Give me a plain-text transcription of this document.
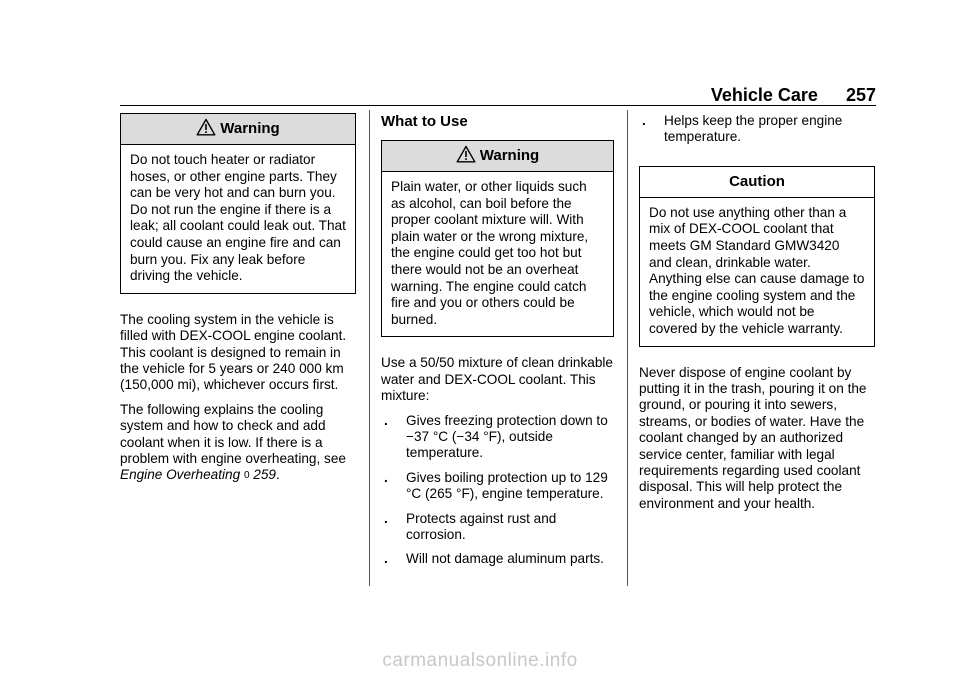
Vehicle Care 257
Warning
Do not touch heater or radiator hoses, or other engine parts. They can be very hot and can burn you. Do not run the engine if there is a leak; all coolant could leak out. That could cause an engine fire and can burn you. Fix any leak before driving the vehicle.

The cooling system in the vehicle is filled with DEX-COOL engine coolant. This coolant is designed to remain in the vehicle for 5 years or 240 000 km (150,000 mi), whichever occurs first.

The following explains the cooling system and how to check and add coolant when it is low. If there is a problem with engine overheating, see Engine Overheating 0 259.

What to Use
Warning
Plain water, or other liquids such as alcohol, can boil before the proper coolant mixture will. With plain water or the wrong mixture, the engine could get too hot but there would not be an overheat warning. The engine could catch fire and you or others could be burned.

Use a 50/50 mixture of clean drinkable water and DEX-COOL coolant. This mixture:

.	Gives freezing protection down to −37 °C (−34 °F), outside temperature.
.	Gives boiling protection up to 129 °C (265 °F), engine temperature.
.	Protects against rust and corrosion.
.	Will not damage aluminum parts.
.	Helps keep the proper engine temperature.
Caution
Do not use anything other than a mix of DEX-COOL coolant that meets GM Standard GMW3420 and clean, drinkable water. Anything else can cause damage to the engine cooling system and the vehicle, which would not be covered by the vehicle warranty.

Never dispose of engine coolant by putting it in the trash, pouring it on the ground, or pouring it into sewers, streams, or bodies of water. Have the coolant changed by an authorized service center, familiar with legal requirements regarding used coolant disposal. This will help protect the environment and your health.

carmanualsonline.info
